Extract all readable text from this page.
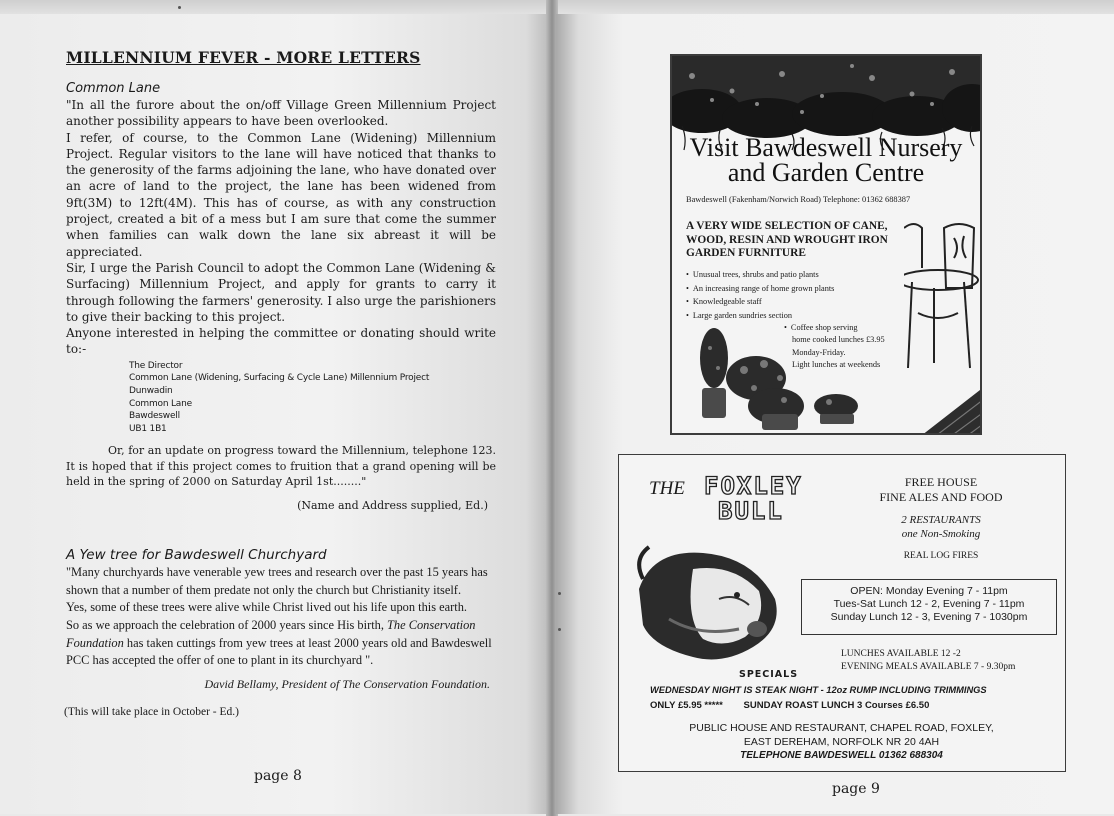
MILLENNIUM FEVER - MORE LETTERS
Common Lane

"In all the furore about the on/off Village Green Millennium Project another possibility appears to have been overlooked.

I refer, of course, to the Common Lane (Widening) Millennium Project. Regular visitors to the lane will have noticed that thanks to the generosity of the farms adjoining the lane, who have donated over an acre of land to the project, the lane has been widened from 9ft(3M) to 12ft(4M). This has of course, as with any construction project, created a bit of a mess but I am sure that come the summer when families can walk down the lane six abreast it will be appreciated.

Sir, I urge the Parish Council to adopt the Common Lane (Widening & Surfacing) Millennium Project, and apply for grants to carry it through following the farmers' generosity. I also urge the parishioners to give their backing to this project.

Anyone interested in helping the committee or donating should write to:-

The Director
Common Lane (Widening, Surfacing & Cycle Lane) Millennium Project
Dunwadin
Common Lane
Bawdeswell
UB1 1B1
Or, for an update on progress toward the Millennium, telephone 123. It is hoped that if this project comes to fruition that a grand opening will be held in the spring of 2000 on Saturday April 1st........"
(Name and Address supplied, Ed.)
A Yew tree for Bawdeswell Churchyard

"Many churchyards have venerable yew trees and research over the past 15 years has shown that a number of them predate not only the church but Christianity itself.

Yes, some of these trees were alive while Christ lived out his life upon this earth.

So as we approach the celebration of 2000 years since His birth, The Conservation Foundation has taken cuttings from yew trees at least 2000 years old and Bawdeswell PCC has accepted the offer of one to plant in its churchyard ".

David Bellamy, President of The Conservation Foundation.
(This will take place in October - Ed.)
page 8
Visit Bawdeswell Nursery
and Garden Centre
Bawdeswell (Fakenham/Norwich Road) Telephone: 01362 688387
A VERY WIDE SELECTION OF CANE, WOOD, RESIN AND WROUGHT IRON GARDEN FURNITURE
• Unusual trees, shrubs and patio plants
• An increasing range of home grown plants
• Knowledgeable staff
• Large garden sundries section
• Coffee shop serving
home cooked lunches £3.95
Monday-Friday.
Light lunches at weekends
THE FOXLEY
BULL
FREE HOUSE
FINE ALES AND FOOD
2 RESTAURANTS
one Non-Smoking
REAL LOG FIRES
OPEN: Monday Evening 7 - 11pm
Tues-Sat Lunch 12 - 2, Evening 7 - 11pm
Sunday Lunch 12 - 3, Evening 7 - 1030pm
LUNCHES AVAILABLE 12 -2
EVENING MEALS AVAILABLE 7 - 9.30pm
SPECIALS
WEDNESDAY NIGHT IS STEAK NIGHT - 12oz RUMP INCLUDING TRIMMINGS
ONLY £5.95 ***** SUNDAY ROAST LUNCH 3 Courses £6.50
PUBLIC HOUSE AND RESTAURANT, CHAPEL ROAD, FOXLEY,
EAST DEREHAM, NORFOLK NR 20 4AH
TELEPHONE BAWDESWELL 01362 688304
page 9
